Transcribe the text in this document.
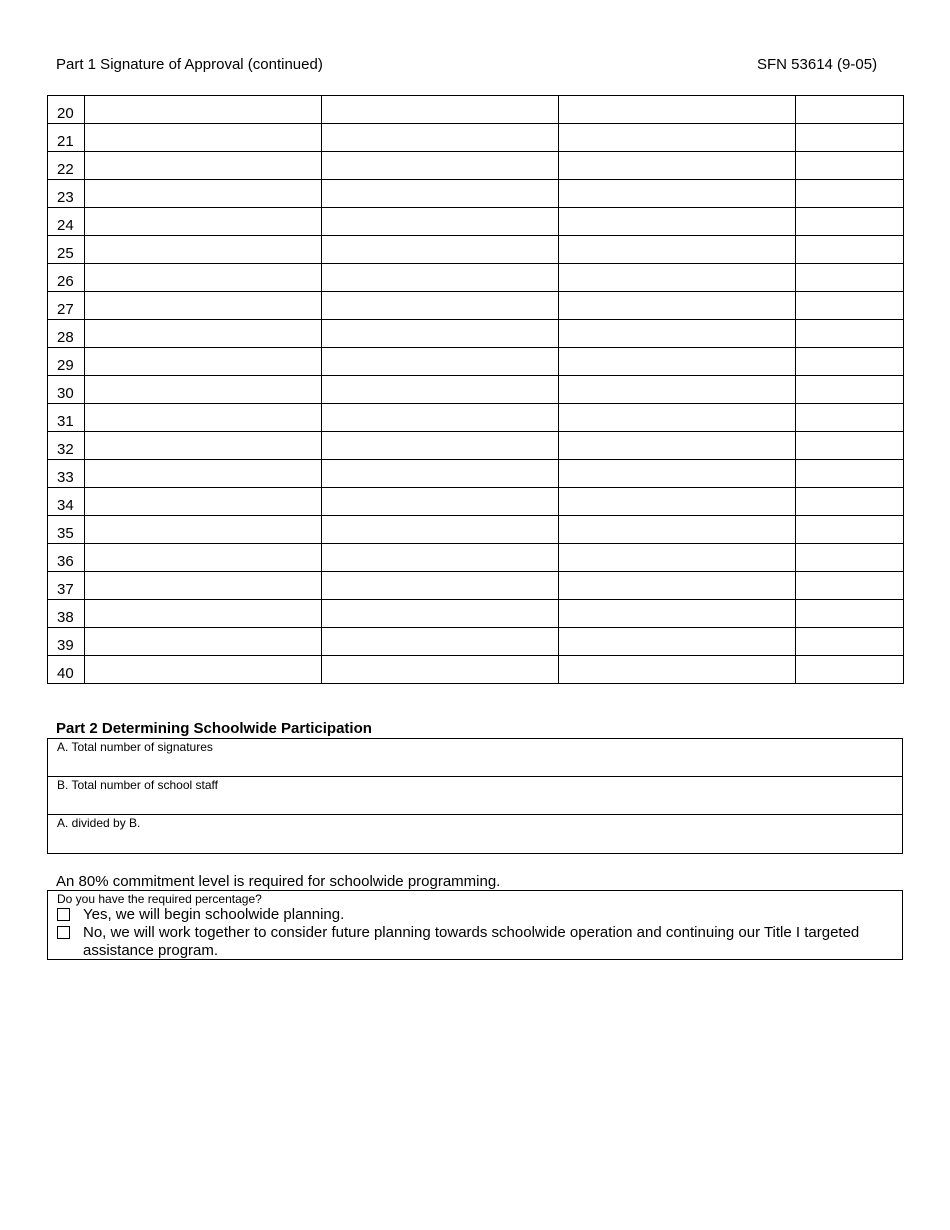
Part 1 Signature of Approval (continued)	SFN 53614 (9-05)
20				
21				
22				
23				
24				
25				
26				
27				
28				
29				
30				
31				
32				
33				
34				
35				
36				
37				
38				
39				
40				
Part 2 Determining Schoolwide Participation
A. Total number of signatures
B. Total number of school staff
A. divided by B.
An 80% commitment level is required for schoolwide programming.
Do you have the required percentage?
Yes, we will begin schoolwide planning.
No, we will work together to consider future planning towards schoolwide operation and continuing our Title I targeted assistance program.
